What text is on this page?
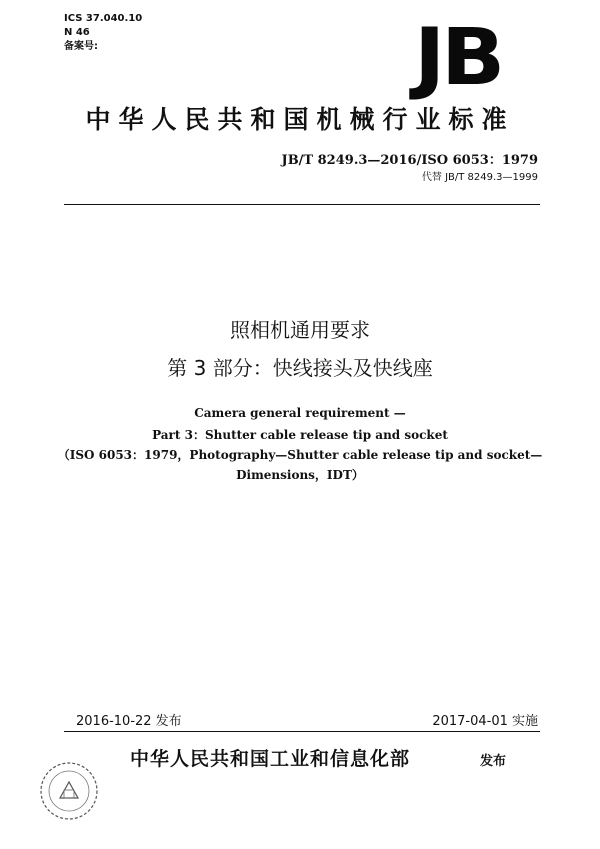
ICS 37.040.10
N 46
备案号:	JB
中华人民共和国机械行业标准
JB/T 8249.3—2016/ISO 6053：1979
代替 JB/T 8249.3—1999
照相机通用要求
第 3 部分：快线接头及快线座
Camera general requirement —
Part 3：Shutter cable release tip and socket
（ISO 6053：1979，Photography—Shutter cable release tip and socket—
Dimensions，IDT）
2016-10-22 发布	2017-04-01 实施
中华人民共和国工业和信息化部	发布
